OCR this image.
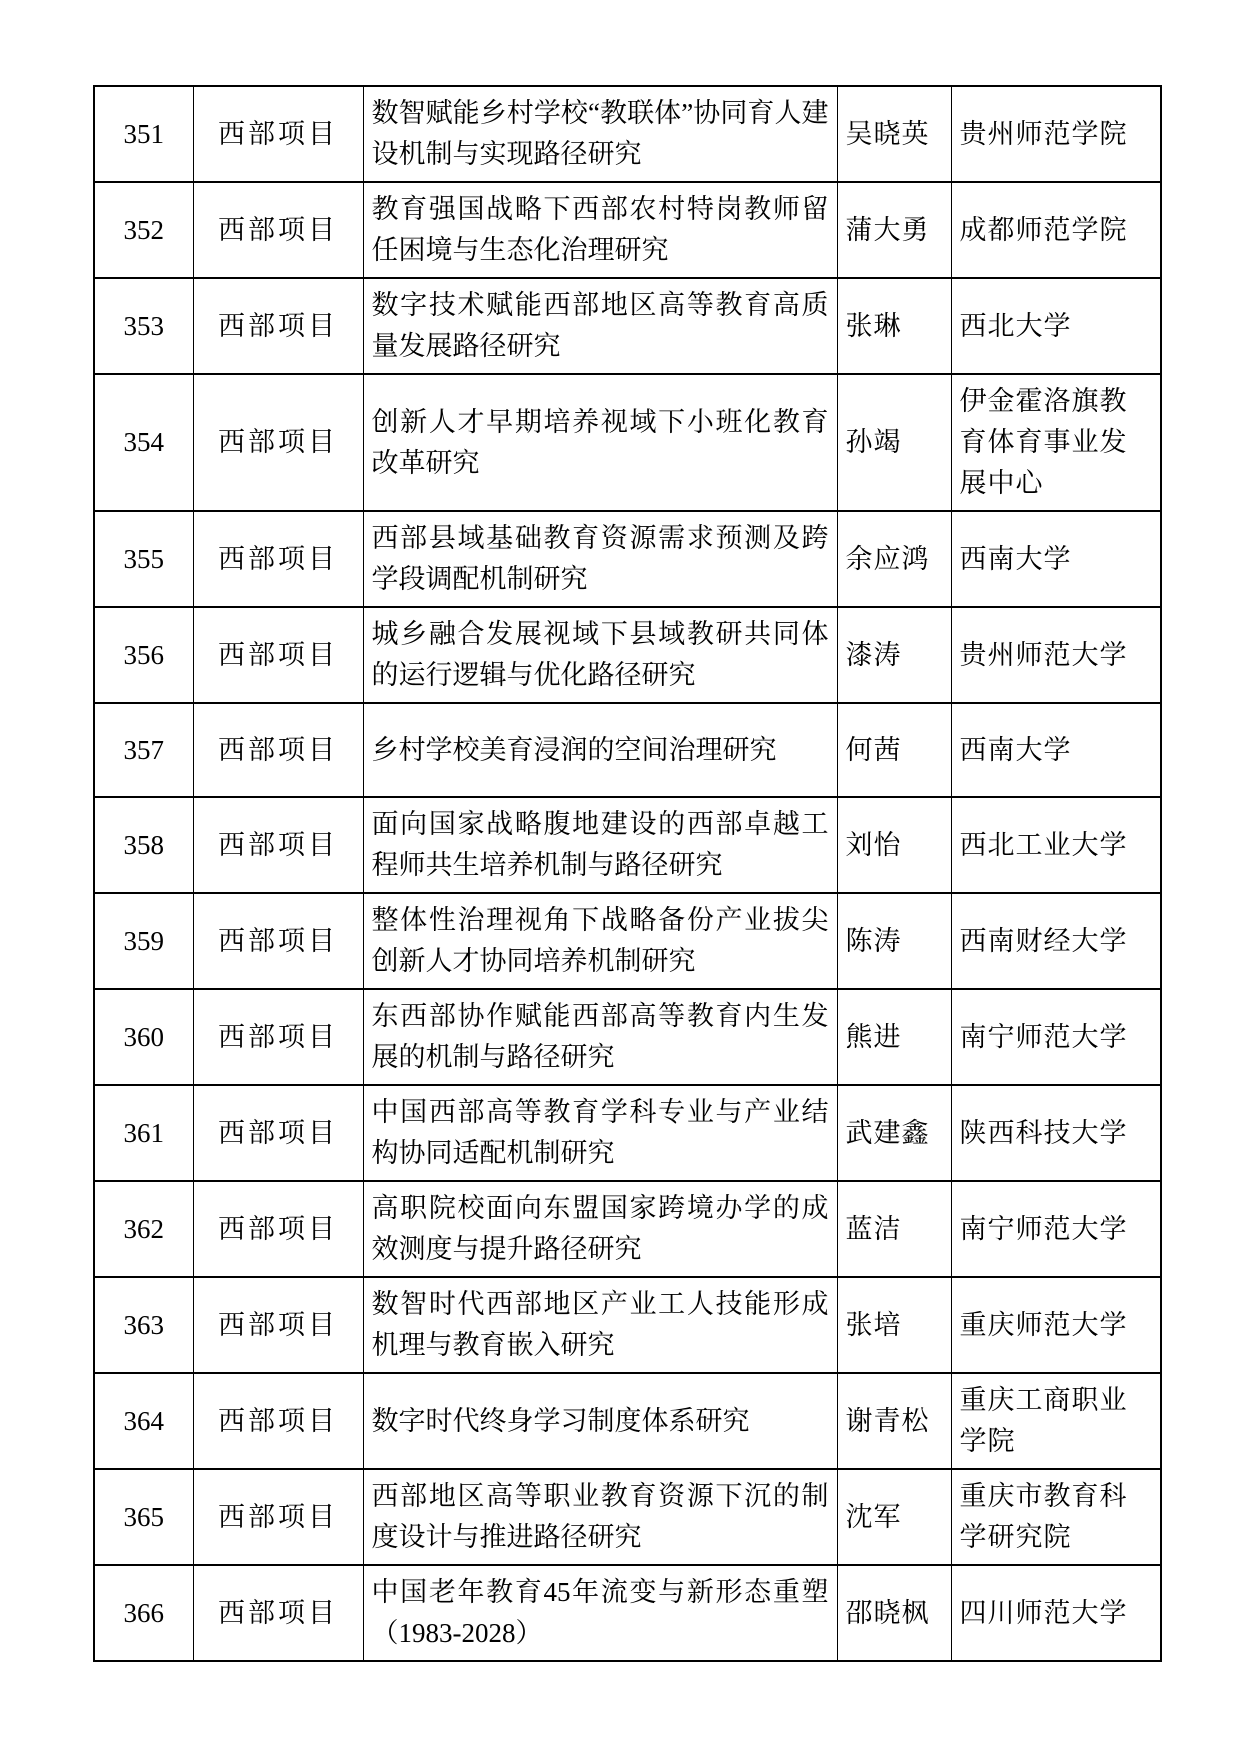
351	西部项目	数智赋能乡村学校“教联体”协同育人建设机制与实现路径研究	吴晓英	贵州师范学院
352	西部项目	教育强国战略下西部农村特岗教师留任困境与生态化治理研究	蒲大勇	成都师范学院
353	西部项目	数字技术赋能西部地区高等教育高质量发展路径研究	张琳	西北大学
354	西部项目	创新人才早期培养视域下小班化教育改革研究	孙竭	伊金霍洛旗教育体育事业发展中心
355	西部项目	西部县域基础教育资源需求预测及跨学段调配机制研究	余应鸿	西南大学
356	西部项目	城乡融合发展视域下县域教研共同体的运行逻辑与优化路径研究	漆涛	贵州师范大学
357	西部项目	乡村学校美育浸润的空间治理研究	何茜	西南大学
358	西部项目	面向国家战略腹地建设的西部卓越工程师共生培养机制与路径研究	刘怡	西北工业大学
359	西部项目	整体性治理视角下战略备份产业拔尖创新人才协同培养机制研究	陈涛	西南财经大学
360	西部项目	东西部协作赋能西部高等教育内生发展的机制与路径研究	熊进	南宁师范大学
361	西部项目	中国西部高等教育学科专业与产业结构协同适配机制研究	武建鑫	陕西科技大学
362	西部项目	高职院校面向东盟国家跨境办学的成效测度与提升路径研究	蓝洁	南宁师范大学
363	西部项目	数智时代西部地区产业工人技能形成机理与教育嵌入研究	张培	重庆师范大学
364	西部项目	数字时代终身学习制度体系研究	谢青松	重庆工商职业学院
365	西部项目	西部地区高等职业教育资源下沉的制度设计与推进路径研究	沈军	重庆市教育科学研究院
366	西部项目	中国老年教育45年流变与新形态重塑（1983-2028）	邵晓枫	四川师范大学
